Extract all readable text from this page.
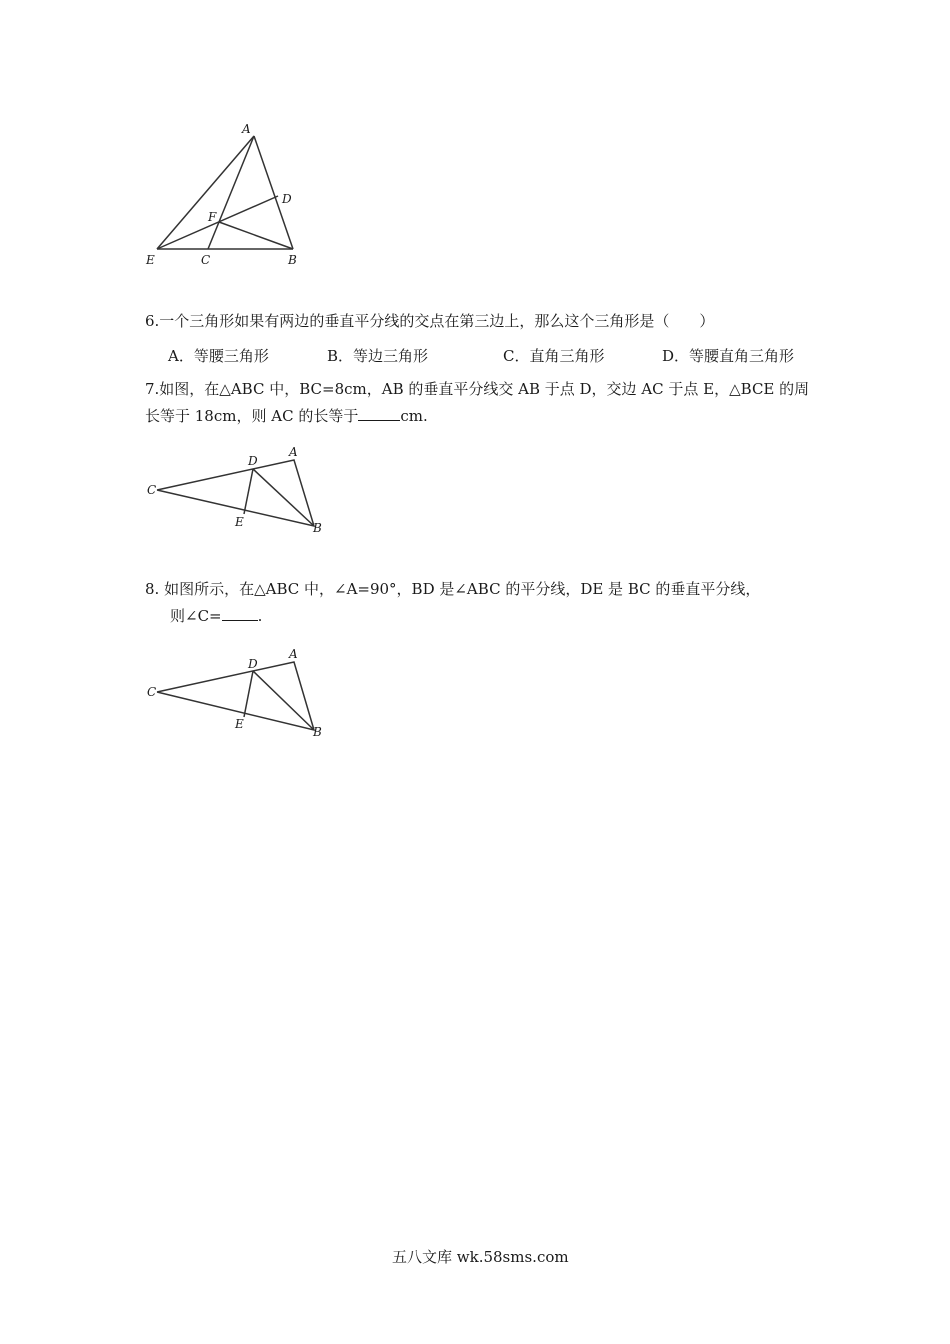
A
D
F
E	C	B
6.一个三角形如果有两边的垂直平分线的交点在第三边上，那么这个三角形是（　　）
A．等腰三角形	B．等边三角形	C．直角三角形	D．等腰直角三角形
7.如图，在△ABC 中，BC=8cm，AB 的垂直平分线交 AB 于点 D，交边 AC 于点 E，△BCE 的周
长等于 18cm，则 AC 的长等于	cm.
C
D
A
E	B
8. 如图所示，在△ABC 中，∠A=90°，BD 是∠ABC 的平分线，DE 是 BC 的垂直平分线，
则∠C= .
C
D
A
E
B
五八文库 wk.58sms.com
